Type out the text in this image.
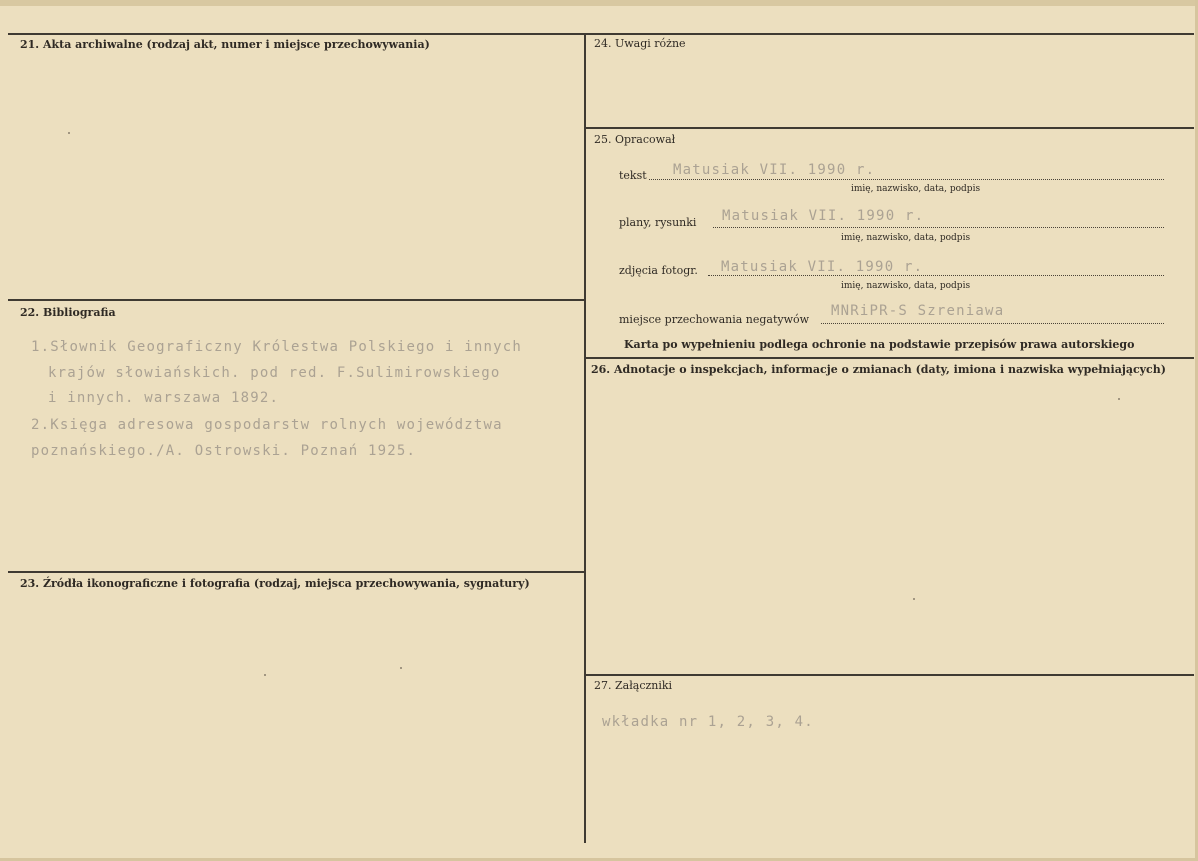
21. Akta archiwalne (rodzaj akt, numer i miejsce przechowywania)
22. Bibliografia
1.Słownik Geograficzny Królestwa Polskiego i innych
krajów słowiańskich. pod red. F.Sulimirowskiego
i innych. warszawa 1892.
2.Księga adresowa gospodarstw rolnych województwa
poznańskiego./A. Ostrowski. Poznań 1925.
23. Źródła ikonograficzne i fotografia (rodzaj, miejsca przechowywania, sygnatury)
24. Uwagi różne
25. Opracował
tekst Matusiak VII. 1990 r.
imię, nazwisko, data, podpis
plany, rysunki Matusiak VII. 1990 r.
imię, nazwisko, data, podpis
zdjęcia fotogr. Matusiak VII. 1990 r.
imię, nazwisko, data, podpis
miejsce przechowania negatywów
MNRiPR-S Szreniawa
Karta po wypełnieniu podlega ochronie na podstawie przepisów prawa autorskiego
26. Adnotacje o inspekcjach, informacje o zmianach (daty, imiona i nazwiska wypełniających)
27. Załączniki
wkładka nr 1, 2, 3, 4.
